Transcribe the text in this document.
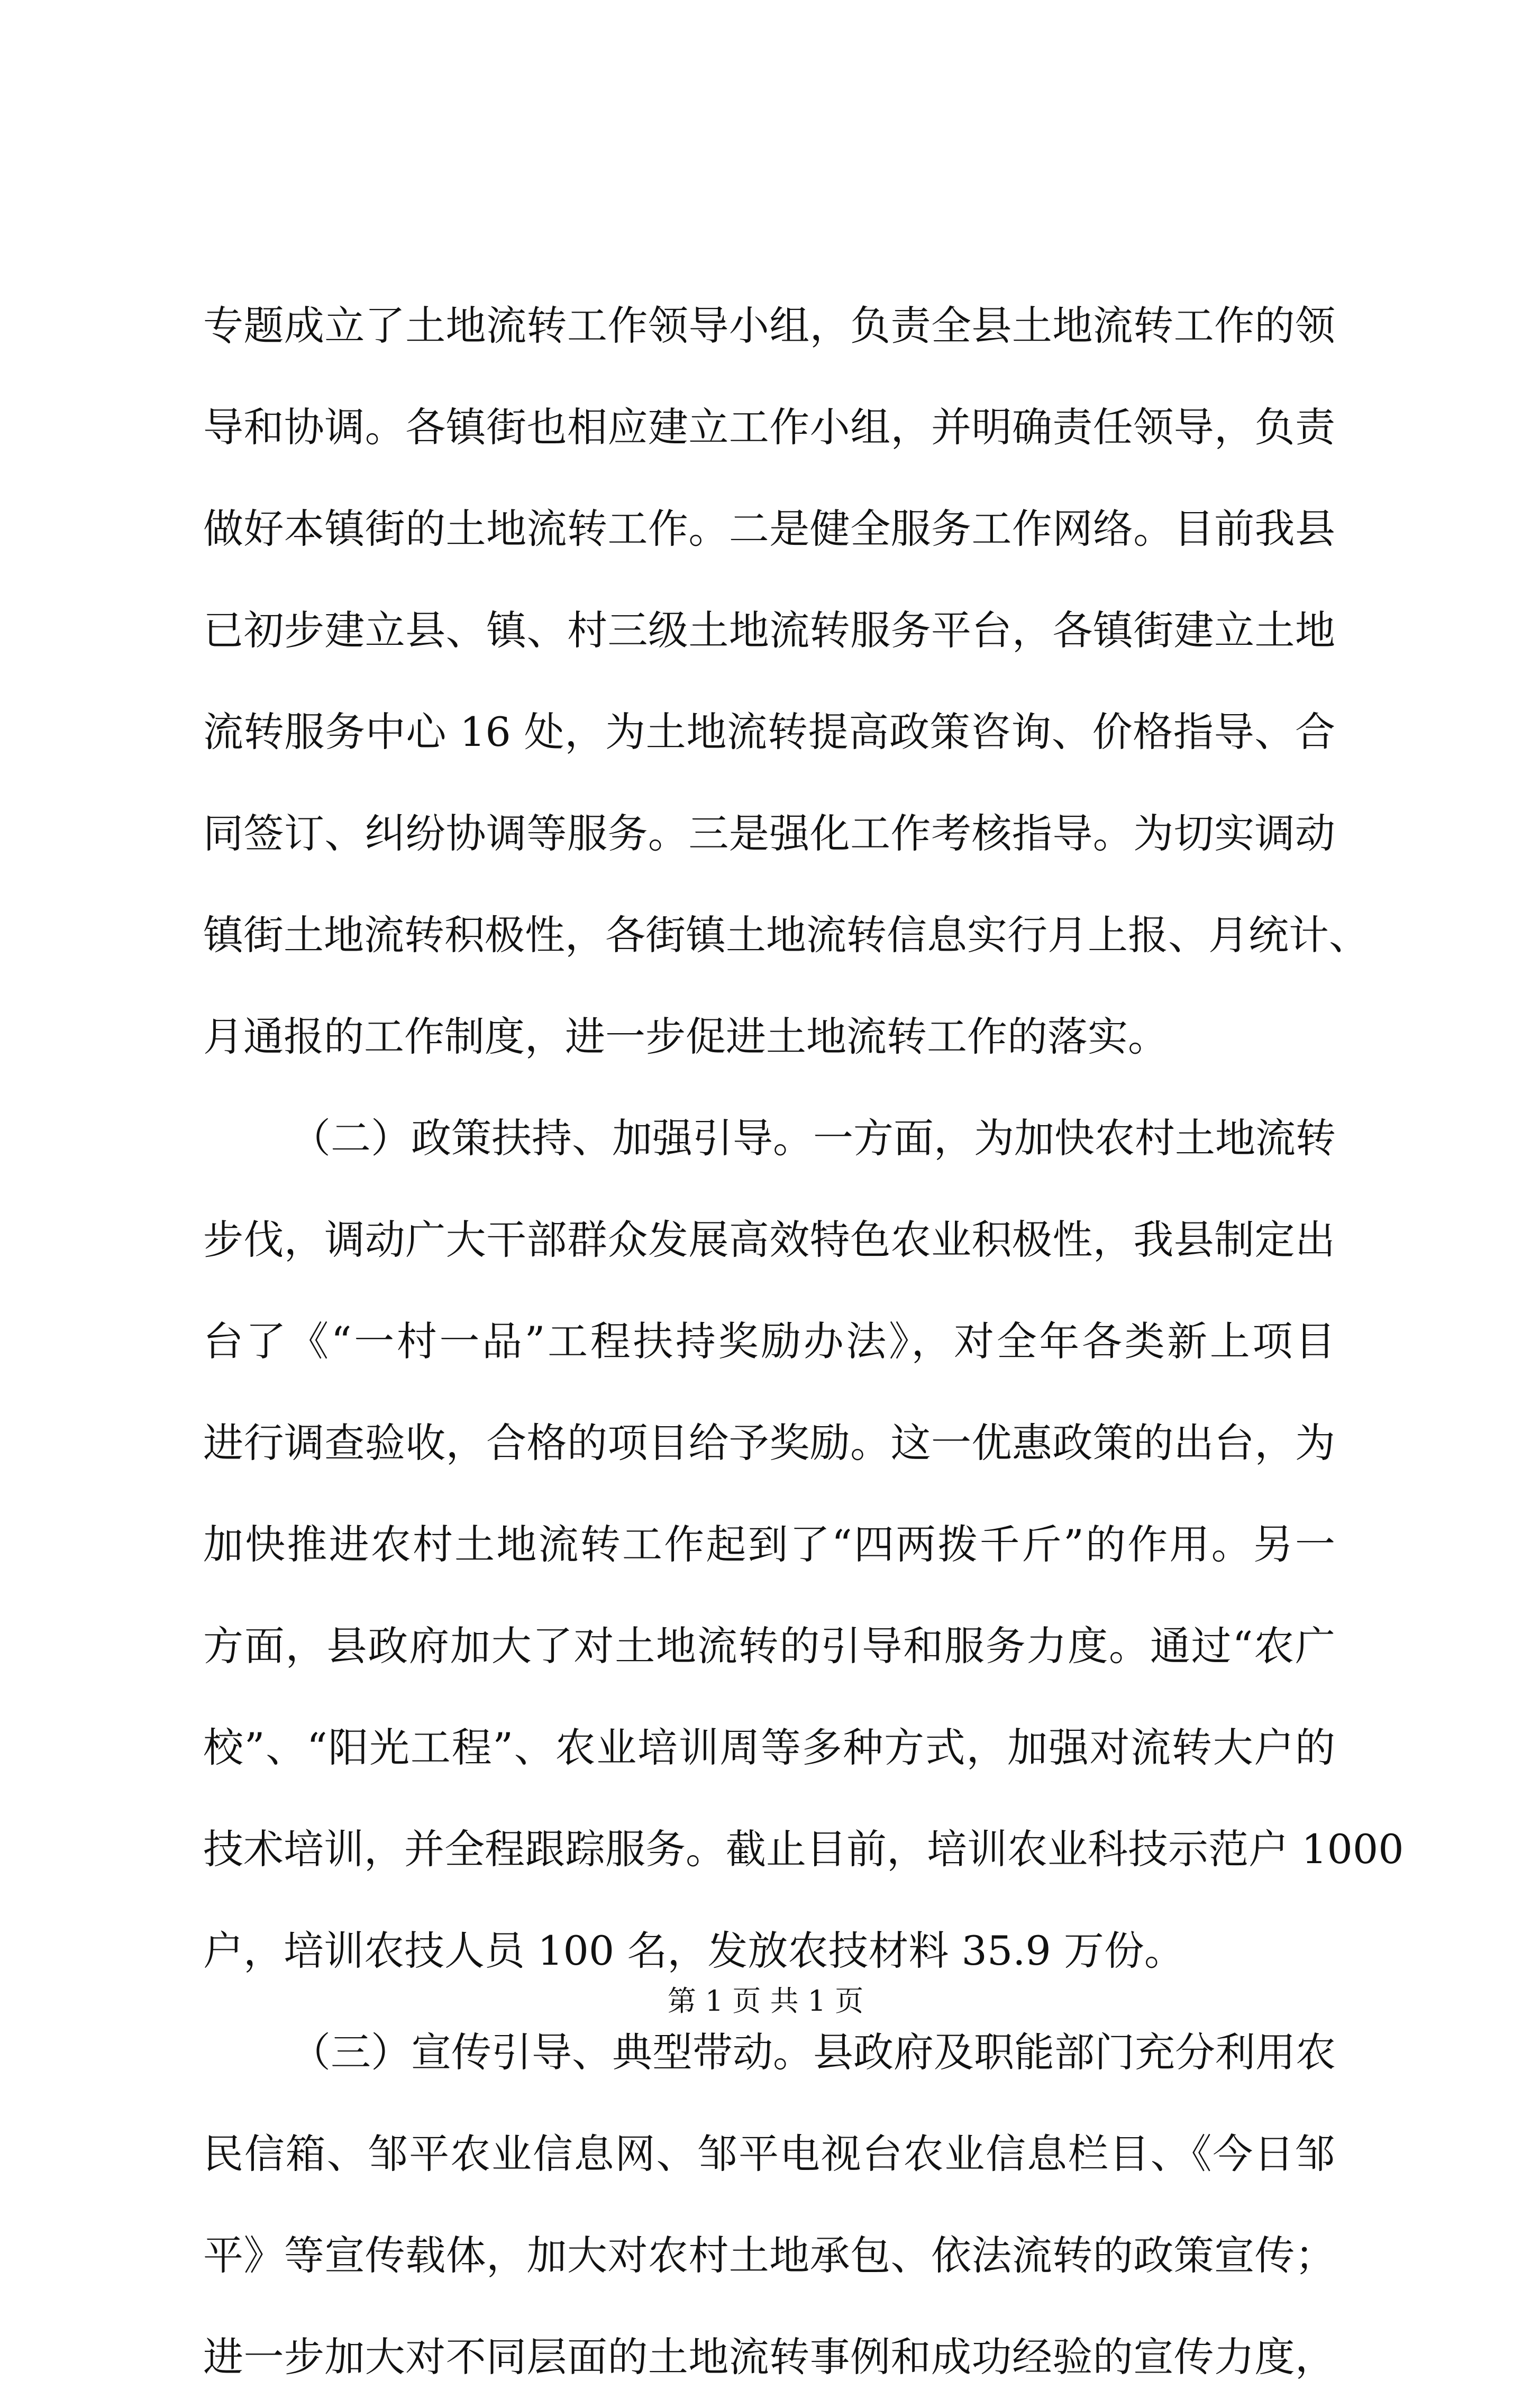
专题成立了土地流转工作领导小组，负责全县土地流转工作的领
导和协调。各镇街也相应建立工作小组，并明确责任领导，负责
做好本镇街的土地流转工作。二是健全服务工作网络。目前我县
已初步建立县、镇、村三级土地流转服务平台，各镇街建立土地
流转服务中心 16 处，为土地流转提高政策咨询、价格指导、合
同签订、纠纷协调等服务。三是强化工作考核指导。为切实调动
镇街土地流转积极性，各街镇土地流转信息实行月上报、月统计、
月通报的工作制度，进一步促进土地流转工作的落实。
（二）政策扶持、加强引导。一方面，为加快农村土地流转
步伐，调动广大干部群众发展高效特色农业积极性，我县制定出
台了《“一村一品”工程扶持奖励办法》，对全年各类新上项目
进行调查验收，合格的项目给予奖励。这一优惠政策的出台，为
加快推进农村土地流转工作起到了“四两拨千斤”的作用。另一
方面，县政府加大了对土地流转的引导和服务力度。通过“农广
校”、“阳光工程”、农业培训周等多种方式，加强对流转大户的
技术培训，并全程跟踪服务。截止目前，培训农业科技示范户 1000
户，培训农技人员 100 名，发放农技材料 35.9 万份。
（三）宣传引导、典型带动。县政府及职能部门充分利用农
民信箱、邹平农业信息网、邹平电视台农业信息栏目、《今日邹
平》等宣传载体，加大对农村土地承包、依法流转的政策宣传；
进一步加大对不同层面的土地流转事例和成功经验的宣传力度，
第 1 页 共 1 页
